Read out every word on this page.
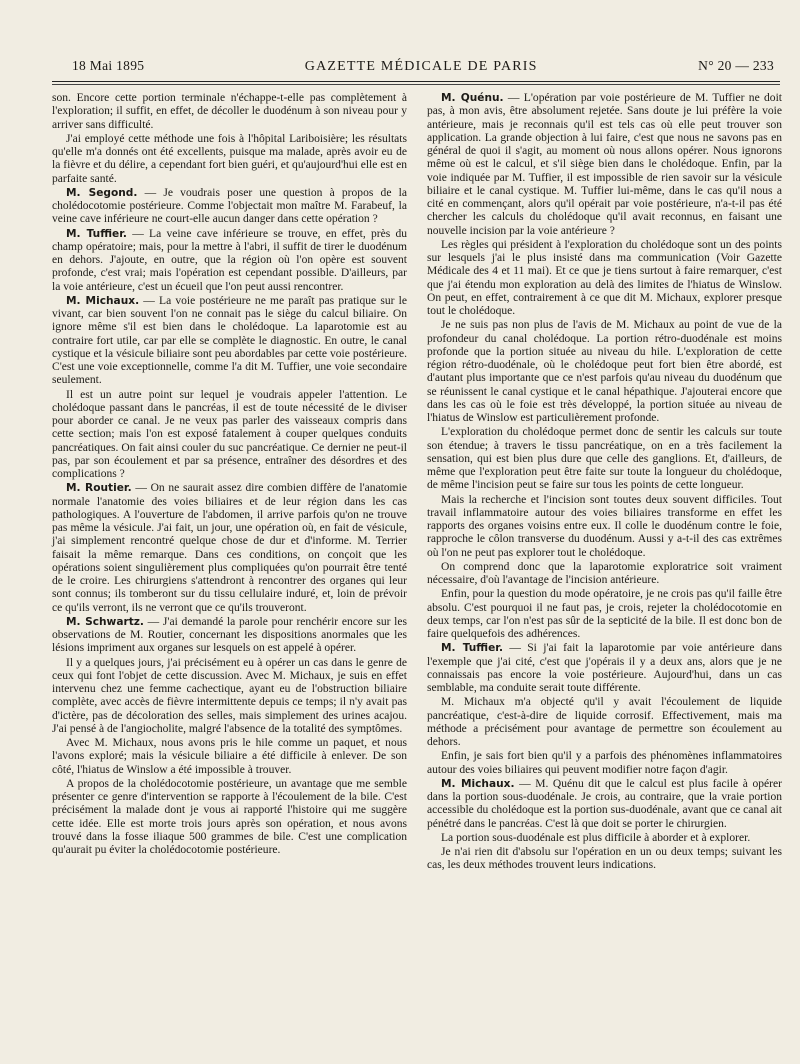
18 Mai 1895	GAZETTE MÉDICALE DE PARIS	N° 20 — 233

son. Encore cette portion terminale n'échappe-t-elle pas complètement à l'exploration; il suffit, en effet, de décoller le duodénum à son niveau pour y arriver sans difficulté.

J'ai employé cette méthode une fois à l'hôpital Lariboisière; les résultats qu'elle m'a donnés ont été excellents, puisque ma malade, après avoir eu de la fièvre et du délire, a cependant fort bien guéri, et qu'aujourd'hui elle est en parfaite santé.

M. Segond. — Je voudrais poser une question à propos de la cholédocotomie postérieure. Comme l'objectait mon maître M. Farabeuf, la veine cave inférieure ne court-elle aucun danger dans cette opération ?

M. Tuffier. — La veine cave inférieure se trouve, en effet, près du champ opératoire; mais, pour la mettre à l'abri, il suffit de tirer le duodénum en dehors. J'ajoute, en outre, que la région où l'on opère est souvent profonde, c'est vrai; mais l'opération est cependant possible. D'ailleurs, par la voie antérieure, c'est un écueil que l'on peut aussi rencontrer.

M. Michaux. — La voie postérieure ne me paraît pas pratique sur le vivant, car bien souvent l'on ne connait pas le siège du calcul biliaire. On ignore même s'il est bien dans le cholédoque. La laparotomie est au contraire fort utile, car par elle se complète le diagnostic. En outre, le canal cystique et la vésicule biliaire sont peu abordables par cette voie postérieure. C'est une voie exceptionnelle, comme l'a dit M. Tuffier, une voie secondaire seulement.

Il est un autre point sur lequel je voudrais appeler l'attention. Le cholédoque passant dans le pancréas, il est de toute nécessité de le diviser pour aborder ce canal. Je ne veux pas parler des vaisseaux compris dans cette section; mais l'on est exposé fatalement à couper quelques conduits pancréatiques. On fait ainsi couler du suc pancréatique. Ce dernier ne peut-il pas, par son écoulement et par sa présence, entraîner des désordres et des complications ?

M. Routier. — On ne saurait assez dire combien diffère de l'anatomie normale l'anatomie des voies biliaires et de leur région dans les cas pathologiques. A l'ouverture de l'abdomen, il arrive parfois qu'on ne trouve pas même la vésicule. J'ai fait, un jour, une opération où, en fait de vésicule, j'ai simplement rencontré quelque chose de dur et d'informe. M. Terrier faisait la même remarque. Dans ces conditions, on conçoit que les opérations soient singulièrement plus compliquées qu'on pourrait être tenté de le croire. Les chirurgiens s'attendront à rencontrer des organes qui leur sont connus; ils tomberont sur du tissu cellulaire induré, et, loin de prévoir ce qu'ils verront, ils ne verront que ce qu'ils trouveront.

M. Schwartz. — J'ai demandé la parole pour renchérir encore sur les observations de M. Routier, concernant les dispositions anormales que les lésions impriment aux organes sur lesquels on est appelé à opérer.

Il y a quelques jours, j'ai précisément eu à opérer un cas dans le genre de ceux qui font l'objet de cette discussion. Avec M. Michaux, je suis en effet intervenu chez une femme cachectique, ayant eu de l'obstruction biliaire complète, avec accès de fièvre intermittente depuis ce temps; il n'y avait pas d'ictère, pas de décoloration des selles, mais simplement des urines acajou. J'ai pensé à de l'angiocholite, malgré l'absence de la totalité des symptômes.

Avec M. Michaux, nous avons pris le hile comme un paquet, et nous l'avons exploré; mais la vésicule biliaire a été difficile à enlever. De son côté, l'hiatus de Winslow a été impossible à trouver.

A propos de la cholédocotomie postérieure, un avantage que me semble présenter ce genre d'intervention se rapporte à l'écoulement de la bile. C'est précisément la malade dont je vous ai rapporté l'histoire qui me suggère cette idée. Elle est morte trois jours après son opération, et nous avons trouvé dans la fosse iliaque 500 grammes de bile. C'est une complication qu'aurait pu éviter la cholédocotomie postérieure.

M. Quénu. — L'opération par voie postérieure de M. Tuffier ne doit pas, à mon avis, être absolument rejetée. Sans doute je lui préfère la voie antérieure, mais je reconnais qu'il est tels cas où elle peut trouver son application. La grande objection à lui faire, c'est que nous ne savons pas en général de quoi il s'agit, au moment où nous allons opérer. Nous ignorons même où est le calcul, et s'il siège bien dans le cholédoque. Enfin, par la voie indiquée par M. Tuffier, il est impossible de rien savoir sur la vésicule biliaire et le canal cystique. M. Tuffier lui-même, dans le cas qu'il nous a cité en commençant, alors qu'il opérait par voie postérieure, n'a-t-il pas été chercher les calculs du cholédoque qu'il avait reconnus, en faisant une nouvelle incision par la voie antérieure ?

Les règles qui président à l'exploration du cholédoque sont un des points sur lesquels j'ai le plus insisté dans ma communication (Voir Gazette Médicale des 4 et 11 mai). Et ce que je tiens surtout à faire remarquer, c'est que j'ai étendu mon exploration au delà des limites de l'hiatus de Winslow. On peut, en effet, contrairement à ce que dit M. Michaux, explorer presque tout le cholédoque.

Je ne suis pas non plus de l'avis de M. Michaux au point de vue de la profondeur du canal cholédoque. La portion rétro-duodénale est moins profonde que la portion située au niveau du hile. L'exploration de cette région rétro-duodénale, où le cholédoque peut fort bien être abordé, est d'autant plus importante que ce n'est parfois qu'au niveau du duodénum que se réunissent le canal cystique et le canal hépathique. J'ajouterai encore que dans les cas où le foie est très développé, la portion située au niveau de l'hiatus de Winslow est particulièrement profonde.

L'exploration du cholédoque permet donc de sentir les calculs sur toute son étendue; à travers le tissu pancréatique, on en a très facilement la sensation, qui est bien plus dure que celle des ganglions. Et, d'ailleurs, de même que l'exploration peut être faite sur toute la longueur du cholédoque, de même l'incision peut se faire sur tous les points de cette longueur.

Mais la recherche et l'incision sont toutes deux souvent difficiles. Tout travail inflammatoire autour des voies biliaires transforme en effet les rapports des organes voisins entre eux. Il colle le duodénum contre le foie, rapproche le côlon transverse du duodénum. Aussi y a-t-il des cas extrêmes où l'on ne peut pas explorer tout le cholédoque.

On comprend donc que la laparotomie exploratrice soit vraiment nécessaire, d'où l'avantage de l'incision antérieure.

Enfin, pour la question du mode opératoire, je ne crois pas qu'il faille être absolu. C'est pourquoi il ne faut pas, je crois, rejeter la cholédocotomie en deux temps, car l'on n'est pas sûr de la septicité de la bile. Il est donc bon de faire quelquefois des adhérences.

M. Tuffier. — Si j'ai fait la laparotomie par voie antérieure dans l'exemple que j'ai cité, c'est que j'opérais il y a deux ans, alors que je ne connaissais pas encore la voie postérieure. Aujourd'hui, dans un cas semblable, ma conduite serait toute différente.

M. Michaux m'a objecté qu'il y avait l'écoulement de liquide pancréatique, c'est-à-dire de liquide corrosif. Effectivement, mais ma méthode a précisément pour avantage de permettre son écoulement au dehors.

Enfin, je sais fort bien qu'il y a parfois des phénomènes inflammatoires autour des voies biliaires qui peuvent modifier notre façon d'agir.

M. Michaux. — M. Quénu dit que le calcul est plus facile à opérer dans la portion sous-duodénale. Je crois, au contraire, que la vraie portion accessible du cholédoque est la portion sus-duodénale, avant que ce canal ait pénétré dans le pancréas. C'est là que doit se porter le chirurgien.

La portion sous-duodénale est plus difficile à aborder et à explorer.

Je n'ai rien dit d'absolu sur l'opération en un ou deux temps; suivant les cas, les deux méthodes trouvent leurs indications.
